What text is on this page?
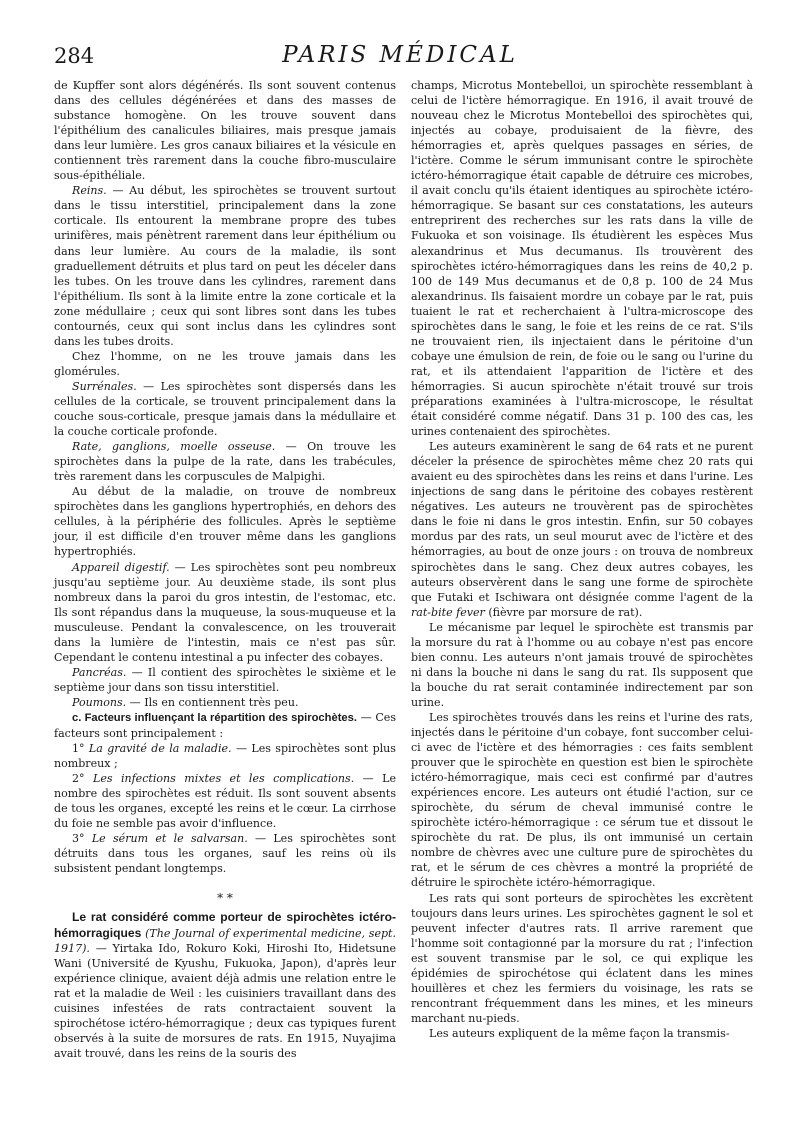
284	PARIS MÉDICAL

de Kupffer sont alors dégénérés. Ils sont souvent contenus dans des cellules dégénérées et dans des masses de substance homogène. On les trouve souvent dans l'épithélium des canalicules biliaires, mais presque jamais dans leur lumière. Les gros canaux biliaires et la vésicule en contiennent très rarement dans la couche fibro-musculaire sous-épithéliale.

Reins. — Au début, les spirochètes se trouvent surtout dans le tissu interstitiel, principalement dans la zone corticale. Ils entourent la membrane propre des tubes urinifères, mais pénètrent rarement dans leur épithélium ou dans leur lumière. Au cours de la maladie, ils sont graduellement détruits et plus tard on peut les déceler dans les tubes. On les trouve dans les cylindres, rarement dans l'épithélium. Ils sont à la limite entre la zone corticale et la zone médullaire ; ceux qui sont libres sont dans les tubes contournés, ceux qui sont inclus dans les cylindres sont dans les tubes droits.

Chez l'homme, on ne les trouve jamais dans les glomérules.

Surrénales. — Les spirochètes sont dispersés dans les cellules de la corticale, se trouvent principalement dans la couche sous-corticale, presque jamais dans la médullaire et la couche corticale profonde.

Rate, ganglions, moelle osseuse. — On trouve les spirochètes dans la pulpe de la rate, dans les trabécules, très rarement dans les corpuscules de Malpighi.

Au début de la maladie, on trouve de nombreux spirochètes dans les ganglions hypertrophiés, en dehors des cellules, à la périphérie des follicules. Après le septième jour, il est difficile d'en trouver même dans les ganglions hypertrophiés.

Appareil digestif. — Les spirochètes sont peu nombreux jusqu'au septième jour. Au deuxième stade, ils sont plus nombreux dans la paroi du gros intestin, de l'estomac, etc. Ils sont répandus dans la muqueuse, la sous-muqueuse et la musculeuse. Pendant la convalescence, on les trouverait dans la lumière de l'intestin, mais ce n'est pas sûr. Cependant le contenu intestinal a pu infecter des cobayes.

Pancréas. — Il contient des spirochètes le sixième et le septième jour dans son tissu interstitiel.

Poumons. — Ils en contiennent très peu.

c. Facteurs influençant la répartition des spirochètes. — Ces facteurs sont principalement :

1° La gravité de la maladie. — Les spirochètes sont plus nombreux ;

2° Les infections mixtes et les complications. — Le nombre des spirochètes est réduit. Ils sont souvent absents de tous les organes, excepté les reins et le cœur. La cirrhose du foie ne semble pas avoir d'influence.

3° Le sérum et le salvarsan. — Les spirochètes sont détruits dans tous les organes, sauf les reins où ils subsistent pendant longtemps.

* *

Le rat considéré comme porteur de spirochètes ictéro-hémorragiques (The Journal of experimental medicine, sept. 1917). — Yirtaka Ido, Rokuro Koki, Hiroshi Ito, Hidetsune Wani (Université de Kyushu, Fukuoka, Japon), d'après leur expérience clinique, avaient déjà admis une relation entre le rat et la maladie de Weil : les cuisiniers travaillant dans des cuisines infestées de rats contractaient souvent la spirochétose ictéro-hémorragique ; deux cas typiques furent observés à la suite de morsures de rats. En 1915, Nuyajima avait trouvé, dans les reins de la souris des

champs, Microtus Montebelloi, un spirochète ressemblant à celui de l'ictère hémorragique. En 1916, il avait trouvé de nouveau chez le Microtus Montebelloi des spirochètes qui, injectés au cobaye, produisaient de la fièvre, des hémorragies et, après quelques passages en séries, de l'ictère. Comme le sérum immunisant contre le spirochète ictéro-hémorragique était capable de détruire ces microbes, il avait conclu qu'ils étaient identiques au spirochète ictéro-hémorragique. Se basant sur ces constatations, les auteurs entreprirent des recherches sur les rats dans la ville de Fukuoka et son voisinage. Ils étudièrent les espèces Mus alexandrinus et Mus decumanus. Ils trouvèrent des spirochètes ictéro-hémorragiques dans les reins de 40,2 p. 100 de 149 Mus decumanus et de 0,8 p. 100 de 24 Mus alexandrinus. Ils faisaient mordre un cobaye par le rat, puis tuaient le rat et recherchaient à l'ultra-microscope des spirochètes dans le sang, le foie et les reins de ce rat. S'ils ne trouvaient rien, ils injectaient dans le péritoine d'un cobaye une émulsion de rein, de foie ou le sang ou l'urine du rat, et ils attendaient l'apparition de l'ictère et des hémorragies. Si aucun spirochète n'était trouvé sur trois préparations examinées à l'ultra-microscope, le résultat était considéré comme négatif. Dans 31 p. 100 des cas, les urines contenaient des spirochètes.

Les auteurs examinèrent le sang de 64 rats et ne purent déceler la présence de spirochètes même chez 20 rats qui avaient eu des spirochètes dans les reins et dans l'urine. Les injections de sang dans le péritoine des cobayes restèrent négatives. Les auteurs ne trouvèrent pas de spirochètes dans le foie ni dans le gros intestin. Enfin, sur 50 cobayes mordus par des rats, un seul mourut avec de l'ictère et des hémorragies, au bout de onze jours : on trouva de nombreux spirochètes dans le sang. Chez deux autres cobayes, les auteurs observèrent dans le sang une forme de spirochète que Futaki et Ischiwara ont désignée comme l'agent de la rat-bite fever (fièvre par morsure de rat).

Le mécanisme par lequel le spirochète est transmis par la morsure du rat à l'homme ou au cobaye n'est pas encore bien connu. Les auteurs n'ont jamais trouvé de spirochètes ni dans la bouche ni dans le sang du rat. Ils supposent que la bouche du rat serait contaminée indirectement par son urine.

Les spirochètes trouvés dans les reins et l'urine des rats, injectés dans le péritoine d'un cobaye, font succomber celui-ci avec de l'ictère et des hémorragies : ces faits semblent prouver que le spirochète en question est bien le spirochète ictéro-hémorragique, mais ceci est confirmé par d'autres expériences encore. Les auteurs ont étudié l'action, sur ce spirochète, du sérum de cheval immunisé contre le spirochète ictéro-hémorragique : ce sérum tue et dissout le spirochète du rat. De plus, ils ont immunisé un certain nombre de chèvres avec une culture pure de spirochètes du rat, et le sérum de ces chèvres a montré la propriété de détruire le spirochète ictéro-hémorragique.

Les rats qui sont porteurs de spirochètes les excrètent toujours dans leurs urines. Les spirochètes gagnent le sol et peuvent infecter d'autres rats. Il arrive rarement que l'homme soit contagionné par la morsure du rat ; l'infection est souvent transmise par le sol, ce qui explique les épidémies de spirochétose qui éclatent dans les mines houillères et chez les fermiers du voisinage, les rats se rencontrant fréquemment dans les mines, et les mineurs marchant nu-pieds.

Les auteurs expliquent de la même façon la transmis-
